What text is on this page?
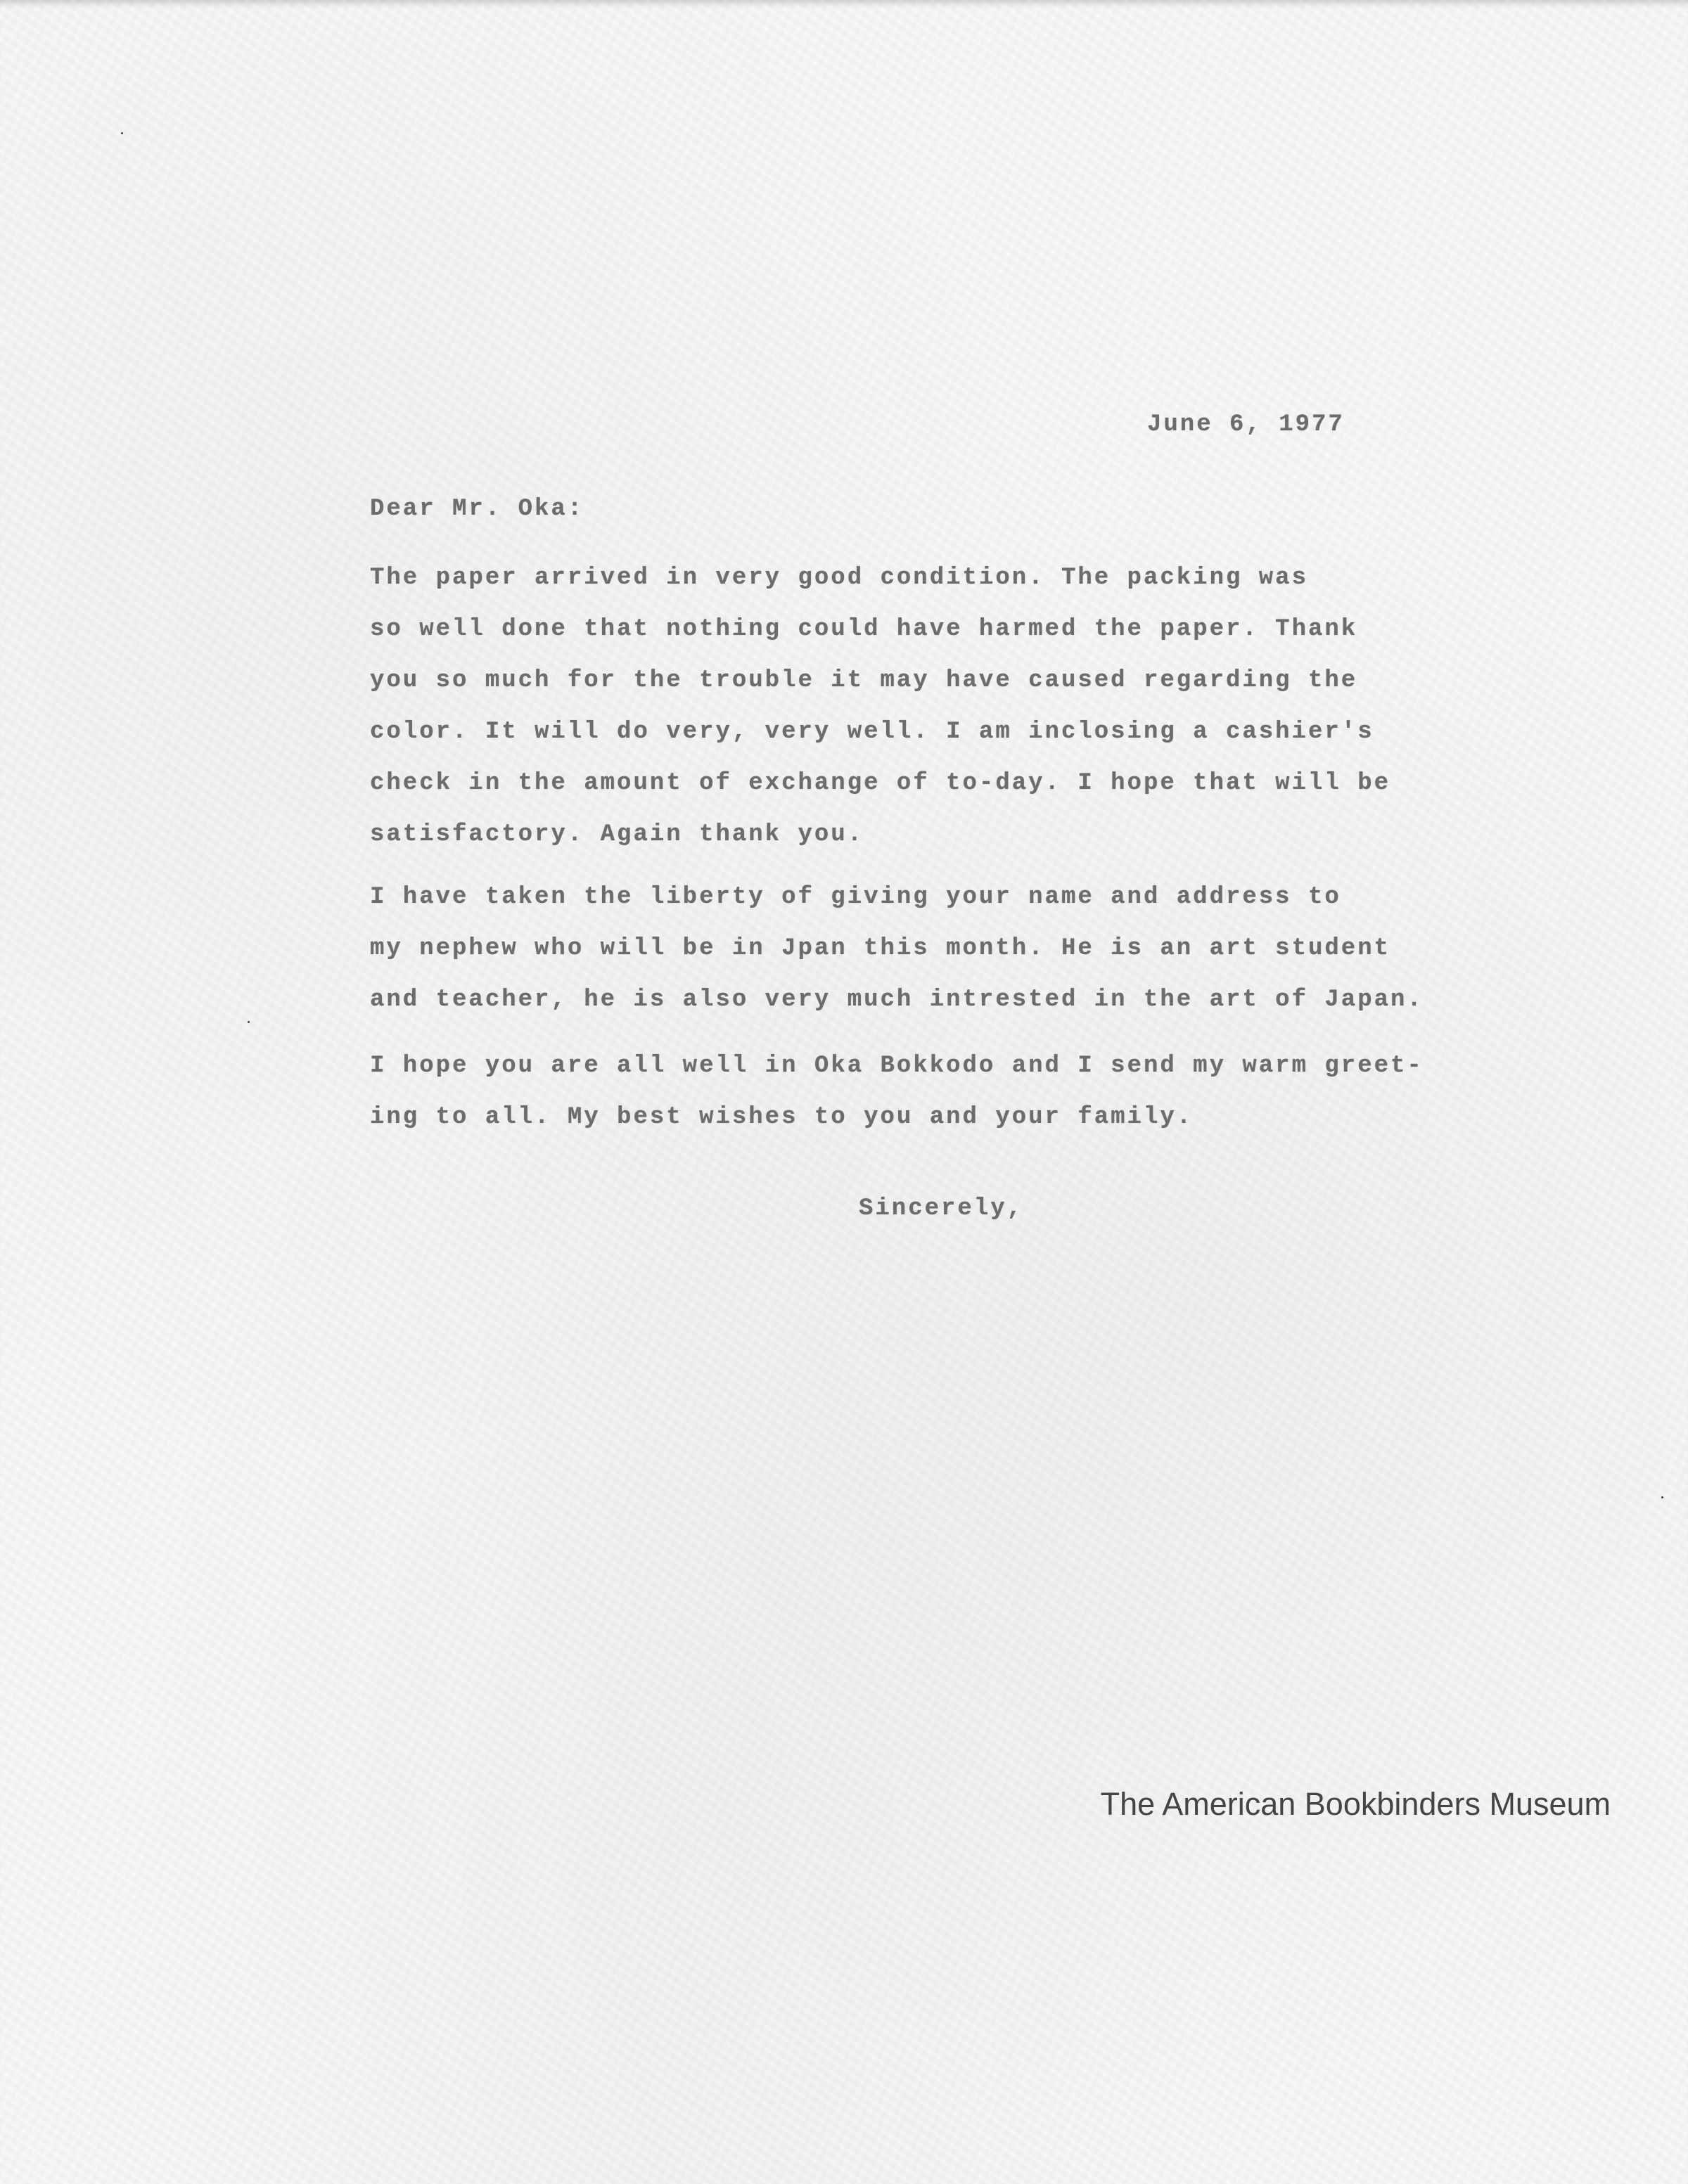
June 6, 1977
Dear Mr. Oka:
The paper arrived in very good condition. The packing was
so well done that nothing could have harmed the paper. Thank
you so much for the trouble it may have caused regarding the
color. It will do very, very well. I am inclosing a cashier's
check in the amount of exchange of to-day. I hope that will be
satisfactory. Again thank you.
I have taken the liberty of giving your name and address to
my nephew who will be in Jpan this month. He is an art student
and teacher, he is also very much intrested in the art of Japan.
I hope you are all well in Oka Bokkodo and I send my warm greet-
ing to all. My best wishes to you and your family.
Sincerely,
The American Bookbinders Museum
